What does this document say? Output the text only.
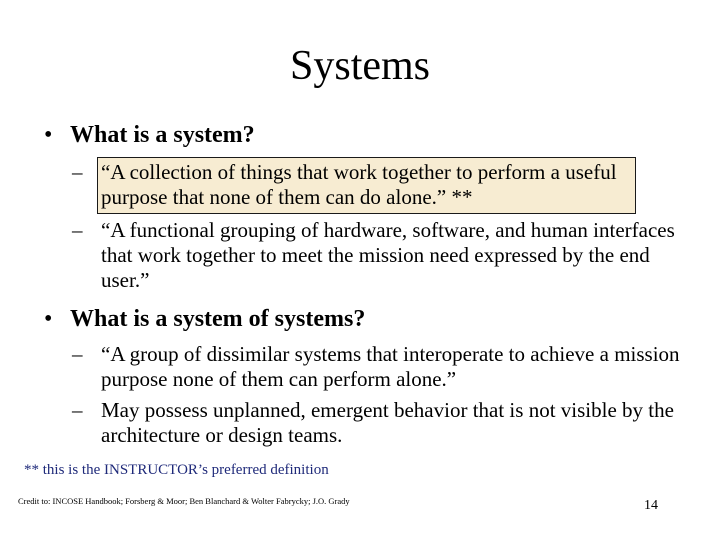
Systems
• What is a system?
– “A collection of things that work together to perform a useful purpose that none of them can do alone.” **
– “A functional grouping of hardware, software, and human interfaces that work together to meet the mission need expressed by the end user.”
• What is a system of systems?
– “A group of dissimilar systems that interoperate to achieve a mission purpose none of them can perform alone.”
– May possess unplanned, emergent behavior that is not visible by the architecture or design teams.
** this is the INSTRUCTOR’s preferred definition
Credit to: INCOSE Handbook; Forsberg & Moor; Ben Blanchard & Wolter Fabrycky; J.O. Grady	14
